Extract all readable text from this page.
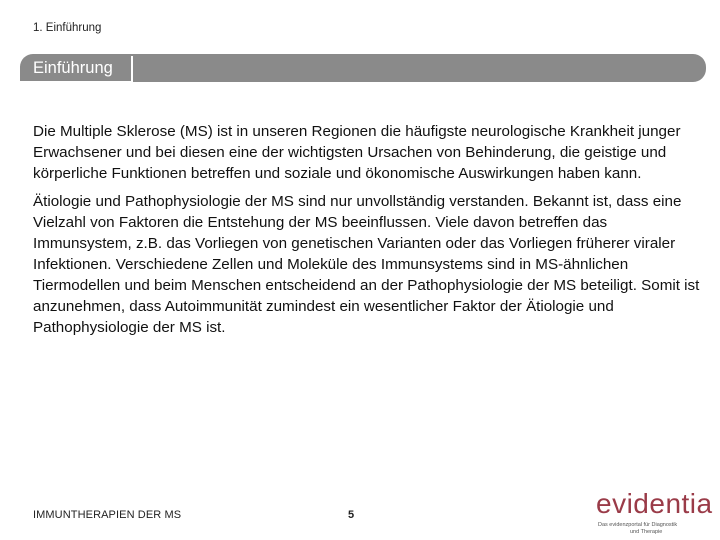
1. Einführung
Einführung

Die Multiple Sklerose (MS) ist in unseren Regionen die häufigste neurologische Krankheit junger Erwachsener und bei diesen eine der wichtigsten Ursachen von Behinderung, die geistige und körperliche Funktionen betreffen und soziale und ökonomische Auswirkungen haben kann.

Ätiologie und Pathophysiologie der MS sind nur unvollständig verstanden. Bekannt ist, dass eine Vielzahl von Faktoren die Entstehung der MS beeinflussen. Viele davon betreffen das Immunsystem, z.B. das Vorliegen von genetischen Varianten oder das Vorliegen früherer viraler Infektionen. Verschiedene Zellen und Moleküle des Immunsystems sind in MS-ähnlichen Tiermodellen und beim Menschen entscheidend an der Pathophysiologie der MS beteiligt. Somit ist anzunehmen, dass Autoimmunität zumindest ein wesentlicher Faktor der Ätiologie und Pathophysiologie der MS ist.

IMMUNTHERAPIEN DER MS	5	evidentia
Das evidenzportal für Diagnostik
und Therapie
